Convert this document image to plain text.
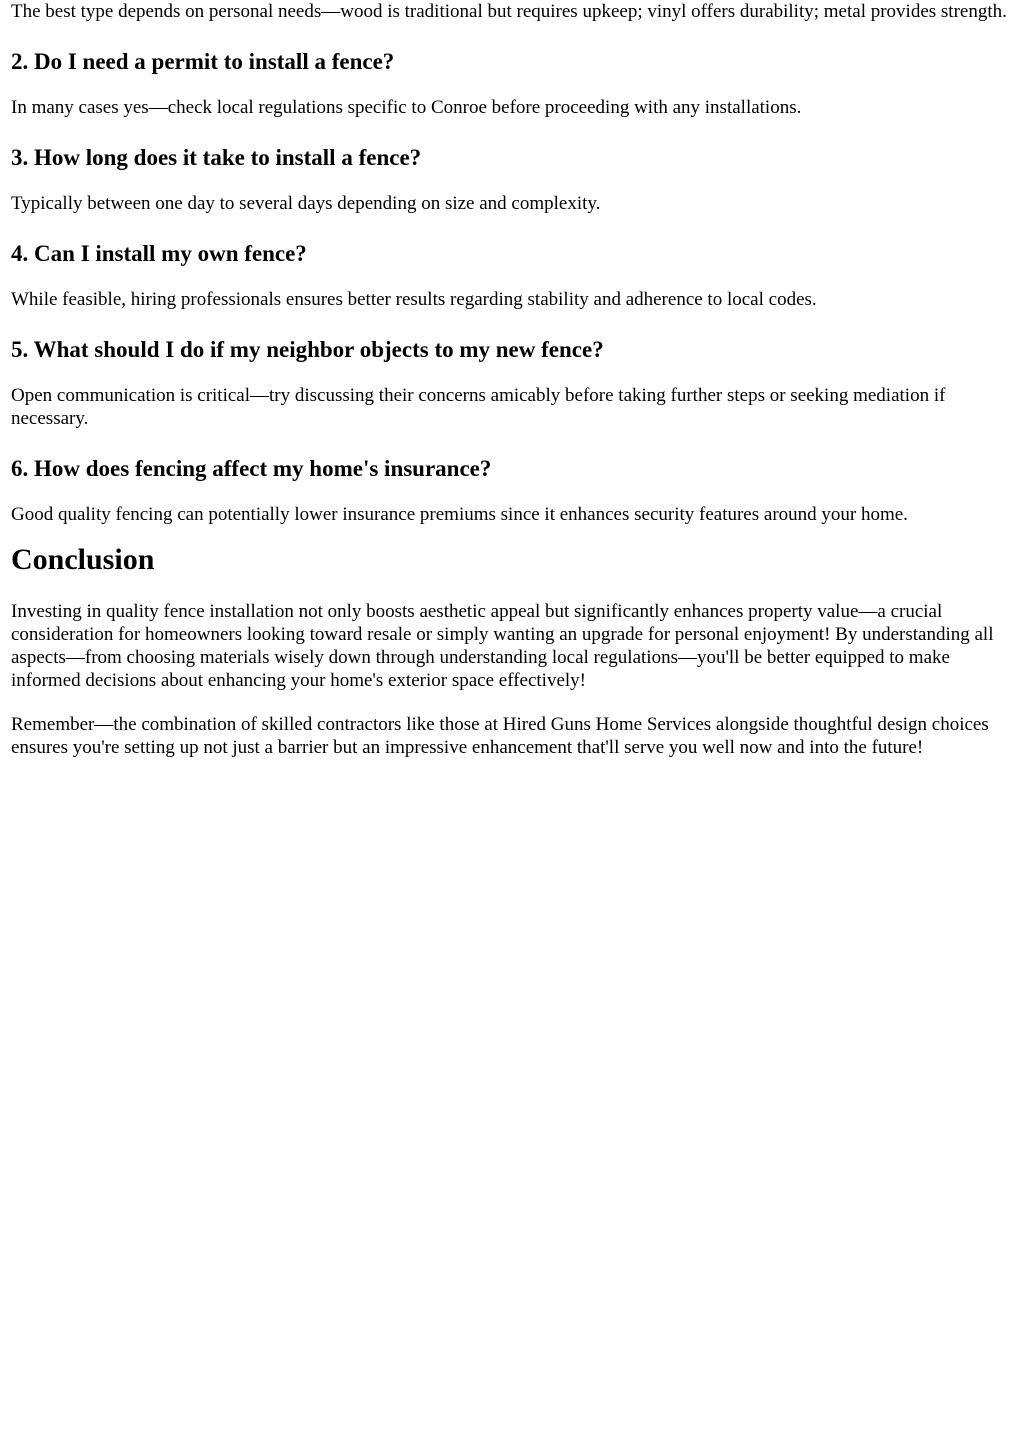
The best type depends on personal needs—wood is traditional but requires upkeep; vinyl offers durability; metal provides strength.

2. Do I need a permit to install a fence?

In many cases yes—check local regulations specific to Conroe before proceeding with any installations.

3. How long does it take to install a fence?

Typically between one day to several days depending on size and complexity.

4. Can I install my own fence?

While feasible, hiring professionals ensures better results regarding stability and adherence to local codes.

5. What should I do if my neighbor objects to my new fence?

Open communication is critical—try discussing their concerns amicably before taking further steps or seeking mediation if necessary.

6. How does fencing affect my home's insurance?

Good quality fencing can potentially lower insurance premiums since it enhances security features around your home.

Conclusion

Investing in quality fence installation not only boosts aesthetic appeal but significantly enhances property value—a crucial consideration for homeowners looking toward resale or simply wanting an upgrade for personal enjoyment! By understanding all aspects—from choosing materials wisely down through understanding local regulations—you'll be better equipped to make informed decisions about enhancing your home's exterior space effectively!

Remember—the combination of skilled contractors like those at Hired Guns Home Services alongside thoughtful design choices ensures you're setting up not just a barrier but an impressive enhancement that'll serve you well now and into the future!
